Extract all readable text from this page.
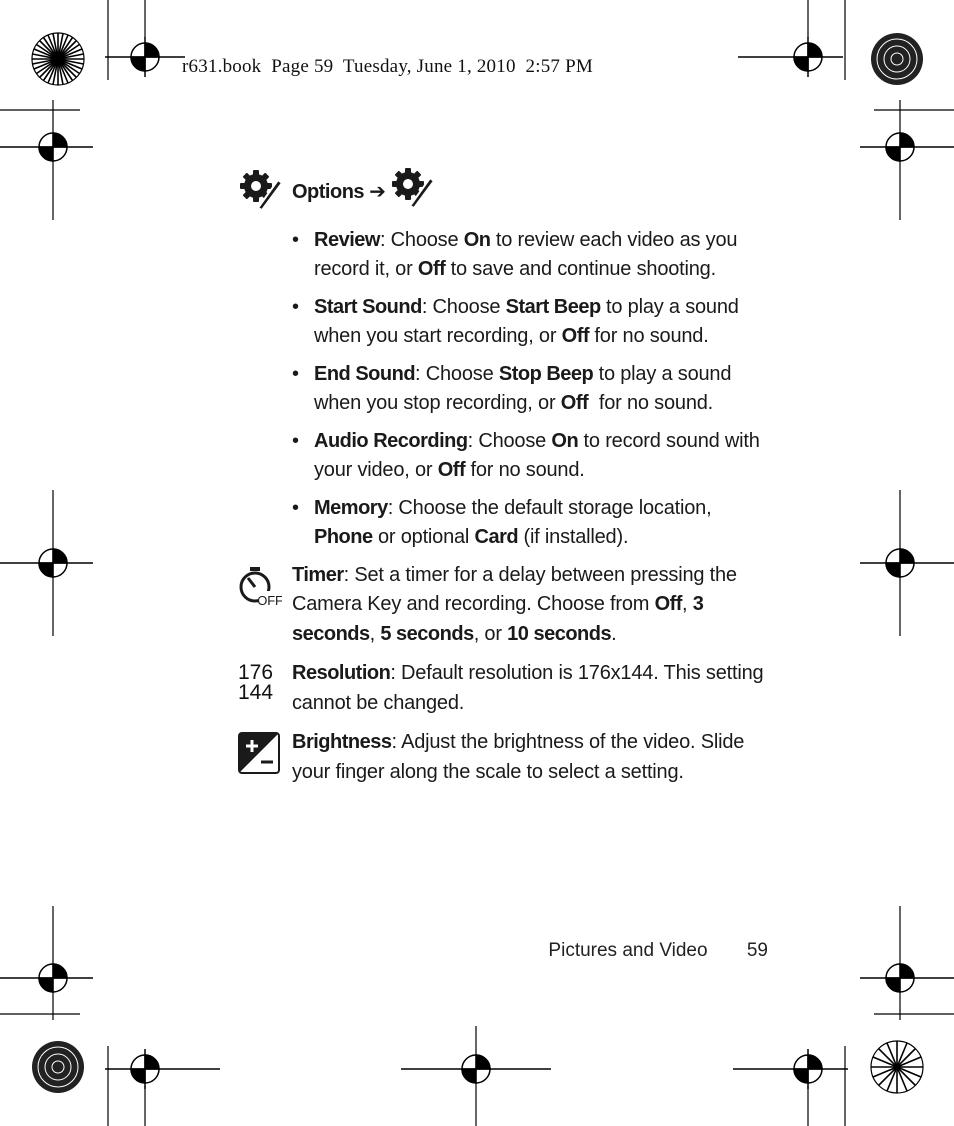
r631.book  Page 59  Tuesday, June 1, 2010  2:57 PM

Options ➔

• Review: Choose On to review each video as you record it, or Off to save and continue shooting.
• Start Sound: Choose Start Beep to play a sound when you start recording, or Off for no sound.
• End Sound: Choose Stop Beep to play a sound when you stop recording, or Off  for no sound.
• Audio Recording: Choose On to record sound with your video, or Off for no sound.
• Memory: Choose the default storage location, Phone or optional Card (if installed).
OFF

Timer: Set a timer for a delay between pressing the Camera Key and recording. Choose from Off, 3 seconds, 5 seconds, or 10 seconds.

176
144

Resolution: Default resolution is 176x144. This setting cannot be changed.

Brightness: Adjust the brightness of the video. Slide your finger along the scale to select a setting.

Pictures and Video 59
